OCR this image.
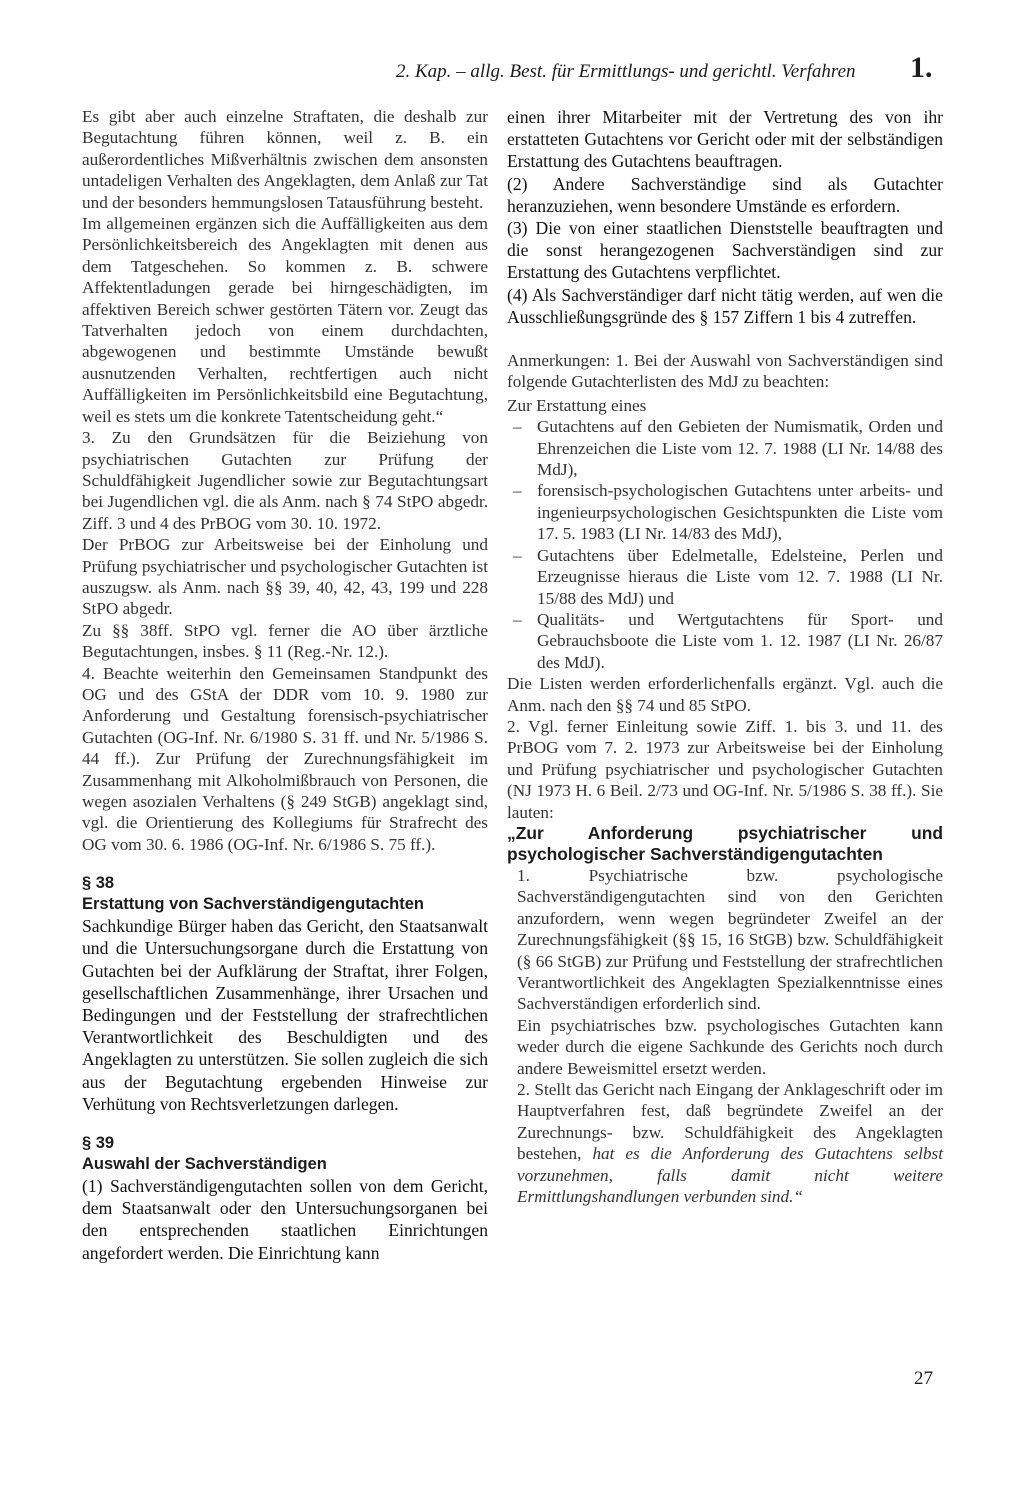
2. Kap. – allg. Best. für Ermittlungs- und gerichtl. Verfahren	1.

Es gibt aber auch einzelne Straftaten, die deshalb zur Begutachtung führen können, weil z. B. ein außerordentliches Mißverhältnis zwischen dem ansonsten untadeligen Verhalten des Angeklagten, dem Anlaß zur Tat und der besonders hemmungslosen Tatausführung besteht.

Im allgemeinen ergänzen sich die Auffälligkeiten aus dem Persönlichkeitsbereich des Angeklagten mit denen aus dem Tatgeschehen. So kommen z. B. schwere Affektentladungen gerade bei hirngeschädigten, im affektiven Bereich schwer gestörten Tätern vor. Zeugt das Tatverhalten jedoch von einem durchdachten, abgewogenen und bestimmte Umstände bewußt ausnutzenden Verhalten, rechtfertigen auch nicht Auffälligkeiten im Persönlichkeitsbild eine Begutachtung, weil es stets um die konkrete Tatentscheidung geht.“

3. Zu den Grundsätzen für die Beiziehung von psychiatrischen Gutachten zur Prüfung der Schuldfähigkeit Jugendlicher sowie zur Begutachtungsart bei Jugendlichen vgl. die als Anm. nach § 74 StPO abgedr. Ziff. 3 und 4 des PrBOG vom 30. 10. 1972.

Der PrBOG zur Arbeitsweise bei der Einholung und Prüfung psychiatrischer und psychologischer Gutachten ist auszugsw. als Anm. nach §§ 39, 40, 42, 43, 199 und 228 StPO abgedr.

Zu §§ 38ff. StPO vgl. ferner die AO über ärztliche Begutachtungen, insbes. § 11 (Reg.-Nr. 12.).

4. Beachte weiterhin den Gemeinsamen Standpunkt des OG und des GStA der DDR vom 10. 9. 1980 zur Anforderung und Gestaltung forensisch-psychiatrischer Gutachten (OG-Inf. Nr. 6/1980 S. 31 ff. und Nr. 5/1986 S. 44 ff.). Zur Prüfung der Zurechnungsfähigkeit im Zusammenhang mit Alkoholmißbrauch von Personen, die wegen asozialen Verhaltens (§ 249 StGB) angeklagt sind, vgl. die Orientierung des Kollegiums für Strafrecht des OG vom 30. 6. 1986 (OG-Inf. Nr. 6/1986 S. 75 ff.).

§ 38

Erstattung von Sachverständigengutachten

Sachkundige Bürger haben das Gericht, den Staatsanwalt und die Untersuchungsorgane durch die Erstattung von Gutachten bei der Aufklärung der Straftat, ihrer Folgen, gesellschaftlichen Zusammenhänge, ihrer Ursachen und Bedingungen und der Feststellung der strafrechtlichen Verantwortlichkeit des Beschuldigten und des Angeklagten zu unterstützen. Sie sollen zugleich die sich aus der Begutachtung ergebenden Hinweise zur Verhütung von Rechtsverletzungen darlegen.

§ 39

Auswahl der Sachverständigen

(1) Sachverständigengutachten sollen von dem Gericht, dem Staatsanwalt oder den Untersuchungsorganen bei den entsprechenden staatlichen Einrichtungen angefordert werden. Die Einrichtung kann

einen ihrer Mitarbeiter mit der Vertretung des von ihr erstatteten Gutachtens vor Gericht oder mit der selbständigen Erstattung des Gutachtens beauftragen.

(2) Andere Sachverständige sind als Gutachter heranzuziehen, wenn besondere Umstände es erfordern.

(3) Die von einer staatlichen Dienststelle beauftragten und die sonst herangezogenen Sachverständigen sind zur Erstattung des Gutachtens verpflichtet.

(4) Als Sachverständiger darf nicht tätig werden, auf wen die Ausschließungsgründe des § 157 Ziffern 1 bis 4 zutreffen.

Anmerkungen: 1. Bei der Auswahl von Sachverständigen sind folgende Gutachterlisten des MdJ zu beachten:

Zur Erstattung eines

– Gutachtens auf den Gebieten der Numismatik, Orden und Ehrenzeichen die Liste vom 12. 7. 1988 (LI Nr. 14/88 des MdJ),
– forensisch-psychologischen Gutachtens unter arbeits- und ingenieurpsychologischen Gesichtspunkten die Liste vom 17. 5. 1983 (LI Nr. 14/83 des MdJ),
– Gutachtens über Edelmetalle, Edelsteine, Perlen und Erzeugnisse hieraus die Liste vom 12. 7. 1988 (LI Nr. 15/88 des MdJ) und
– Qualitäts- und Wertgutachtens für Sport- und Gebrauchsboote die Liste vom 1. 12. 1987 (LI Nr. 26/87 des MdJ).

Die Listen werden erforderlichenfalls ergänzt. Vgl. auch die Anm. nach den §§ 74 und 85 StPO.

2. Vgl. ferner Einleitung sowie Ziff. 1. bis 3. und 11. des PrBOG vom 7. 2. 1973 zur Arbeitsweise bei der Einholung und Prüfung psychiatrischer und psychologischer Gutachten (NJ 1973 H. 6 Beil. 2/73 und OG-Inf. Nr. 5/1986 S. 38 ff.). Sie lauten:

„Zur Anforderung psychiatrischer und psychologischer Sachverständigengutachten

1. Psychiatrische bzw. psychologische Sachverständigengutachten sind von den Gerichten anzufordern, wenn wegen begründeter Zweifel an der Zurechnungsfähigkeit (§§ 15, 16 StGB) bzw. Schuldfähigkeit (§ 66 StGB) zur Prüfung und Feststellung der strafrechtlichen Verantwortlichkeit des Angeklagten Spezialkenntnisse eines Sachverständigen erforderlich sind.

Ein psychiatrisches bzw. psychologisches Gutachten kann weder durch die eigene Sachkunde des Gerichts noch durch andere Beweismittel ersetzt werden.

2. Stellt das Gericht nach Eingang der Anklageschrift oder im Hauptverfahren fest, daß begründete Zweifel an der Zurechnungs- bzw. Schuldfähigkeit des Angeklagten bestehen, hat es die Anforderung des Gutachtens selbst vorzunehmen, falls damit nicht weitere Ermittlungshandlungen verbunden sind.“

27
